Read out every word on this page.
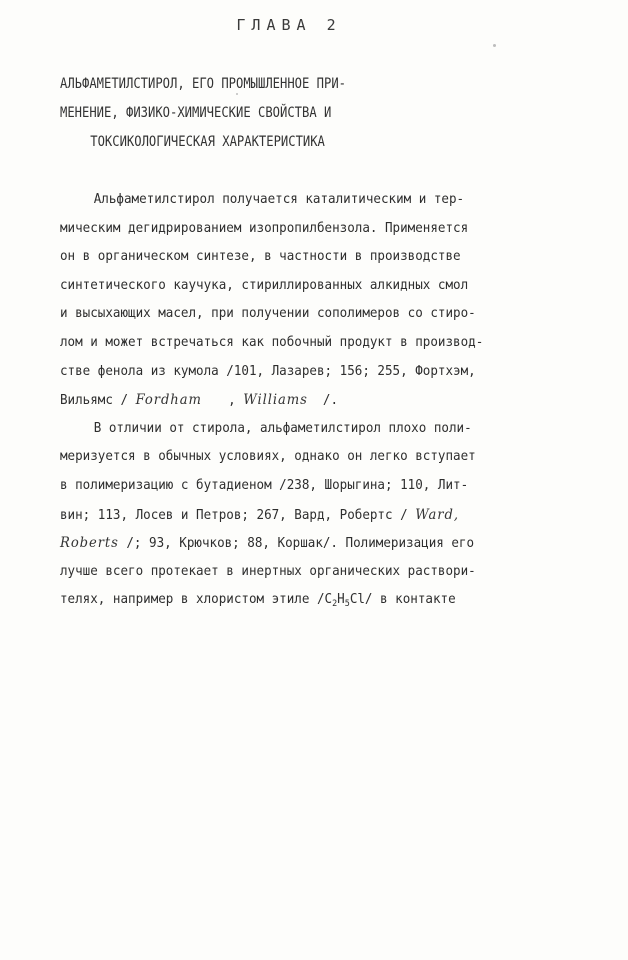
ГЛАВА 2
АЛЬФАМЕТИЛСТИРОЛ, ЕГО ПРОМЫШЛЕННОЕ ПРИ-
МЕНЕНИЕ, ФИЗИКО-ХИМИЧЕСКИЕ СВОЙСТВА И
ТОКСИКОЛОГИЧЕСКАЯ ХАРАКТЕРИСТИКА
Альфаметилстирол получается каталитическим и тер-
мическим дегидрированием изопропилбензола. Применяется
он в органическом синтезе, в частности в производстве
синтетического каучука, стириллированных алкидных смол
и высыхающих масел, при получении сополимеров со стиро-
лом и может встречаться как побочный продукт в производ-
стве фенола из кумола /101, Лазарев; 156; 255, Фортхэм,
Вильямс / Fordham , Williams /.
В отличии от стирола, альфаметилстирол плохо поли-
меризуется в обычных условиях, однако он легко вступает
в полимеризацию с бутадиеном /238, Шорыгина; 110, Лит-
вин; 113, Лосев и Петров; 267, Вард, Робертс / Ward,
Roberts /; 93, Крючков; 88, Коршак/. Полимеризация его
лучше всего протекает в инертных органических раствори-
телях, например в хлористом этиле $/C_2H_5Cl/$ в контакте
